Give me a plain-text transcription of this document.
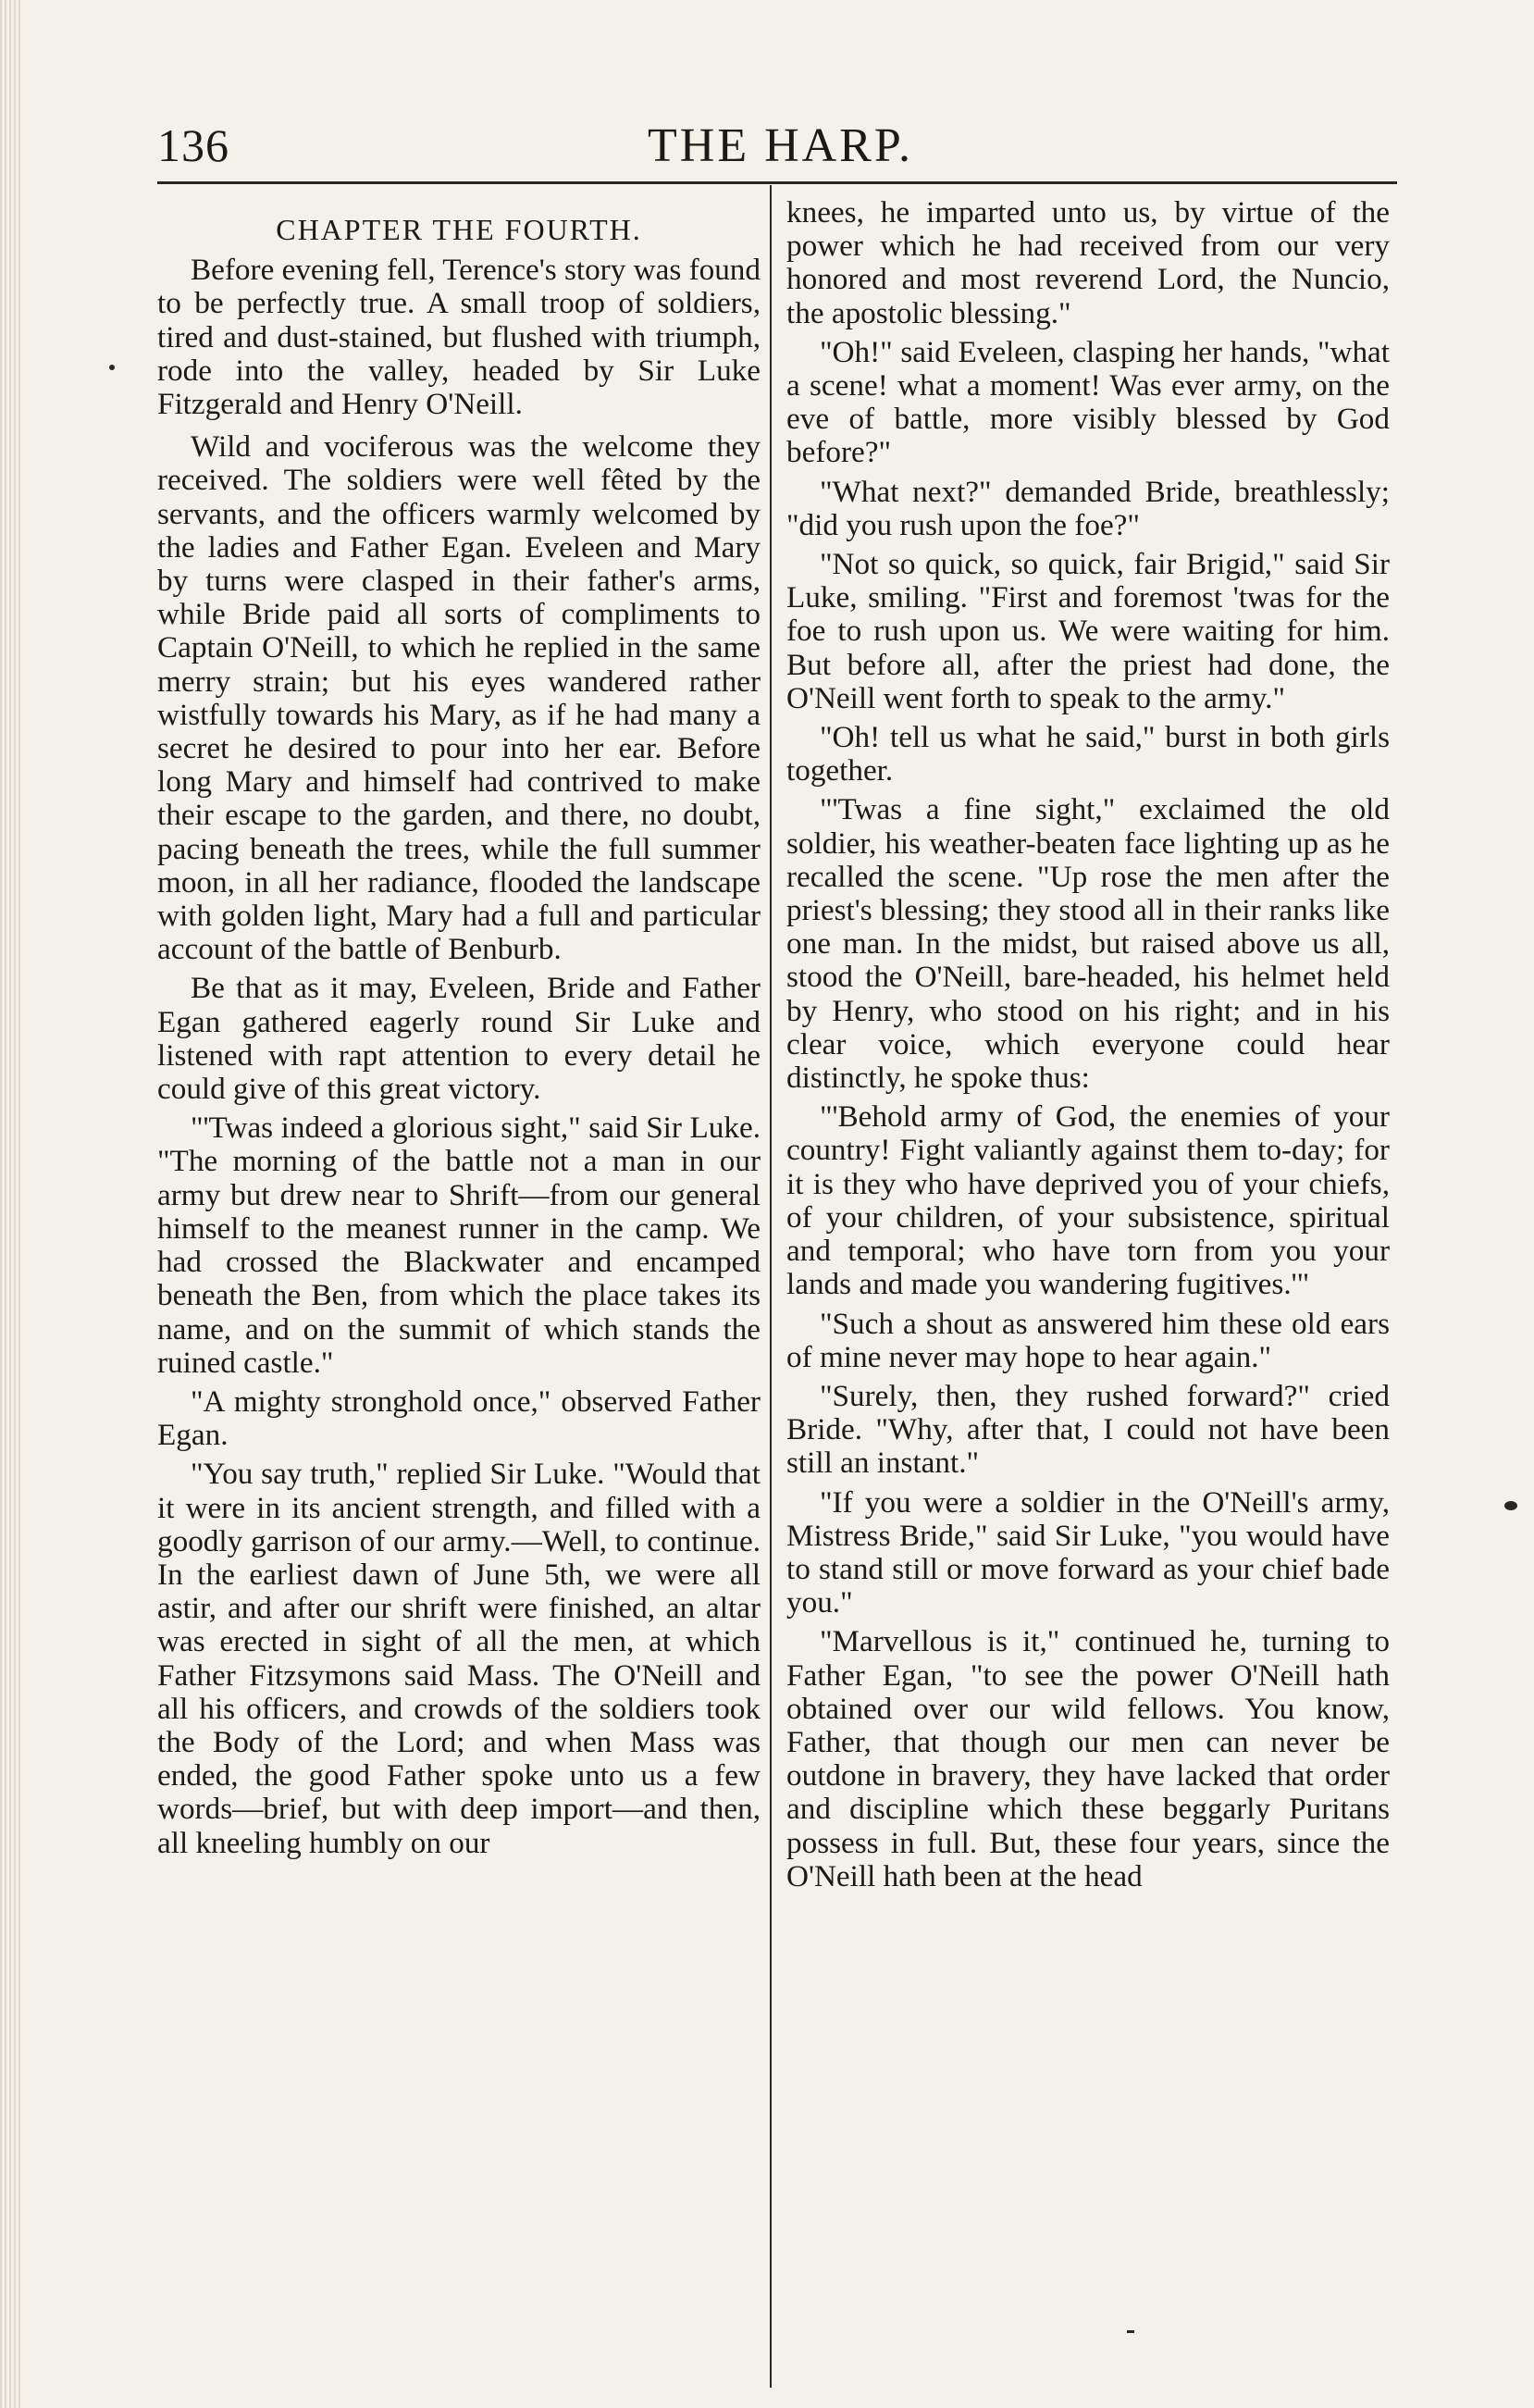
136	THE HARP.
CHAPTER THE FOURTH.

Before evening fell, Terence's story was found to be perfectly true. A small troop of soldiers, tired and dust-stained, but flushed with triumph, rode into the valley, headed by Sir Luke Fitzgerald and Henry O'Neill.

Wild and vociferous was the welcome they received. The soldiers were well fêted by the servants, and the officers warmly welcomed by the ladies and Father Egan. Eveleen and Mary by turns were clasped in their father's arms, while Bride paid all sorts of compliments to Captain O'Neill, to which he replied in the same merry strain; but his eyes wandered rather wistfully towards his Mary, as if he had many a secret he desired to pour into her ear. Before long Mary and himself had contrived to make their escape to the garden, and there, no doubt, pacing beneath the trees, while the full summer moon, in all her radiance, flooded the landscape with golden light, Mary had a full and particular account of the battle of Benburb.

Be that as it may, Eveleen, Bride and Father Egan gathered eagerly round Sir Luke and listened with rapt attention to every detail he could give of this great victory.

"'Twas indeed a glorious sight," said Sir Luke. "The morning of the battle not a man in our army but drew near to Shrift—from our general himself to the meanest runner in the camp. We had crossed the Blackwater and encamped beneath the Ben, from which the place takes its name, and on the summit of which stands the ruined castle."

"A mighty stronghold once," observed Father Egan.

"You say truth," replied Sir Luke. "Would that it were in its ancient strength, and filled with a goodly garrison of our army.—Well, to continue. In the earliest dawn of June 5th, we were all astir, and after our shrift were finished, an altar was erected in sight of all the men, at which Father Fitzsymons said Mass. The O'Neill and all his officers, and crowds of the soldiers took the Body of the Lord; and when Mass was ended, the good Father spoke unto us a few words—brief, but with deep import—and then, all kneeling humbly on our

knees, he imparted unto us, by virtue of the power which he had received from our very honored and most reverend Lord, the Nuncio, the apostolic blessing."

"Oh!" said Eveleen, clasping her hands, "what a scene! what a moment! Was ever army, on the eve of battle, more visibly blessed by God before?"

"What next?" demanded Bride, breathlessly; "did you rush upon the foe?"

"Not so quick, so quick, fair Brigid," said Sir Luke, smiling. "First and foremost 'twas for the foe to rush upon us. We were waiting for him. But before all, after the priest had done, the O'Neill went forth to speak to the army."

"Oh! tell us what he said," burst in both girls together.

"'Twas a fine sight," exclaimed the old soldier, his weather-beaten face lighting up as he recalled the scene. "Up rose the men after the priest's blessing; they stood all in their ranks like one man. In the midst, but raised above us all, stood the O'Neill, bare-headed, his helmet held by Henry, who stood on his right; and in his clear voice, which everyone could hear distinctly, he spoke thus:

"'Behold army of God, the enemies of your country! Fight valiantly against them to-day; for it is they who have deprived you of your chiefs, of your children, of your subsistence, spiritual and temporal; who have torn from you your lands and made you wandering fugitives.'"

"Such a shout as answered him these old ears of mine never may hope to hear again."

"Surely, then, they rushed forward?" cried Bride. "Why, after that, I could not have been still an instant."

"If you were a soldier in the O'Neill's army, Mistress Bride," said Sir Luke, "you would have to stand still or move forward as your chief bade you."

"Marvellous is it," continued he, turning to Father Egan, "to see the power O'Neill hath obtained over our wild fellows. You know, Father, that though our men can never be outdone in bravery, they have lacked that order and discipline which these beggarly Puritans possess in full. But, these four years, since the O'Neill hath been at the head
